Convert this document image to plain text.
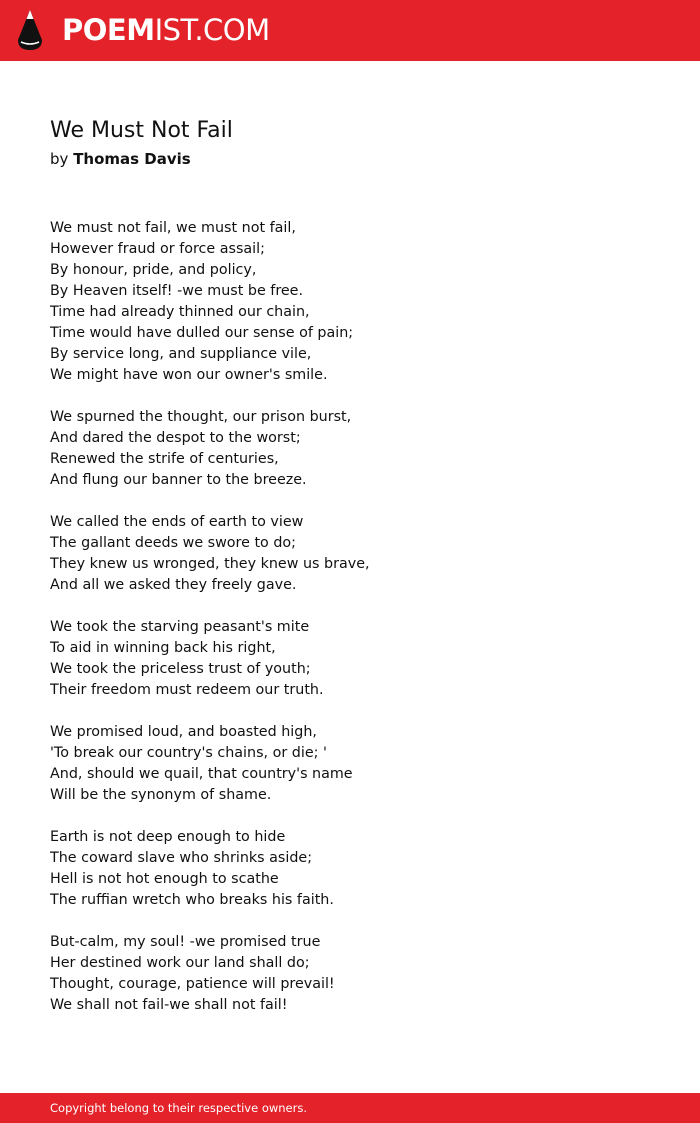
POEMIST.COM
We Must Not Fail
by Thomas Davis
We must not fail, we must not fail,
However fraud or force assail;
By honour, pride, and policy,
By Heaven itself! -we must be free.
Time had already thinned our chain,
Time would have dulled our sense of pain;
By service long, and suppliance vile,
We might have won our owner's smile.
We spurned the thought, our prison burst,
And dared the despot to the worst;
Renewed the strife of centuries,
And flung our banner to the breeze.
We called the ends of earth to view
The gallant deeds we swore to do;
They knew us wronged, they knew us brave,
And all we asked they freely gave.
We took the starving peasant's mite
To aid in winning back his right,
We took the priceless trust of youth;
Their freedom must redeem our truth.
We promised loud, and boasted high,
'To break our country's chains, or die; '
And, should we quail, that country's name
Will be the synonym of shame.
Earth is not deep enough to hide
The coward slave who shrinks aside;
Hell is not hot enough to scathe
The ruffian wretch who breaks his faith.
But-calm, my soul! -we promised true
Her destined work our land shall do;
Thought, courage, patience will prevail!
We shall not fail-we shall not fail!
Copyright belong to their respective owners.
